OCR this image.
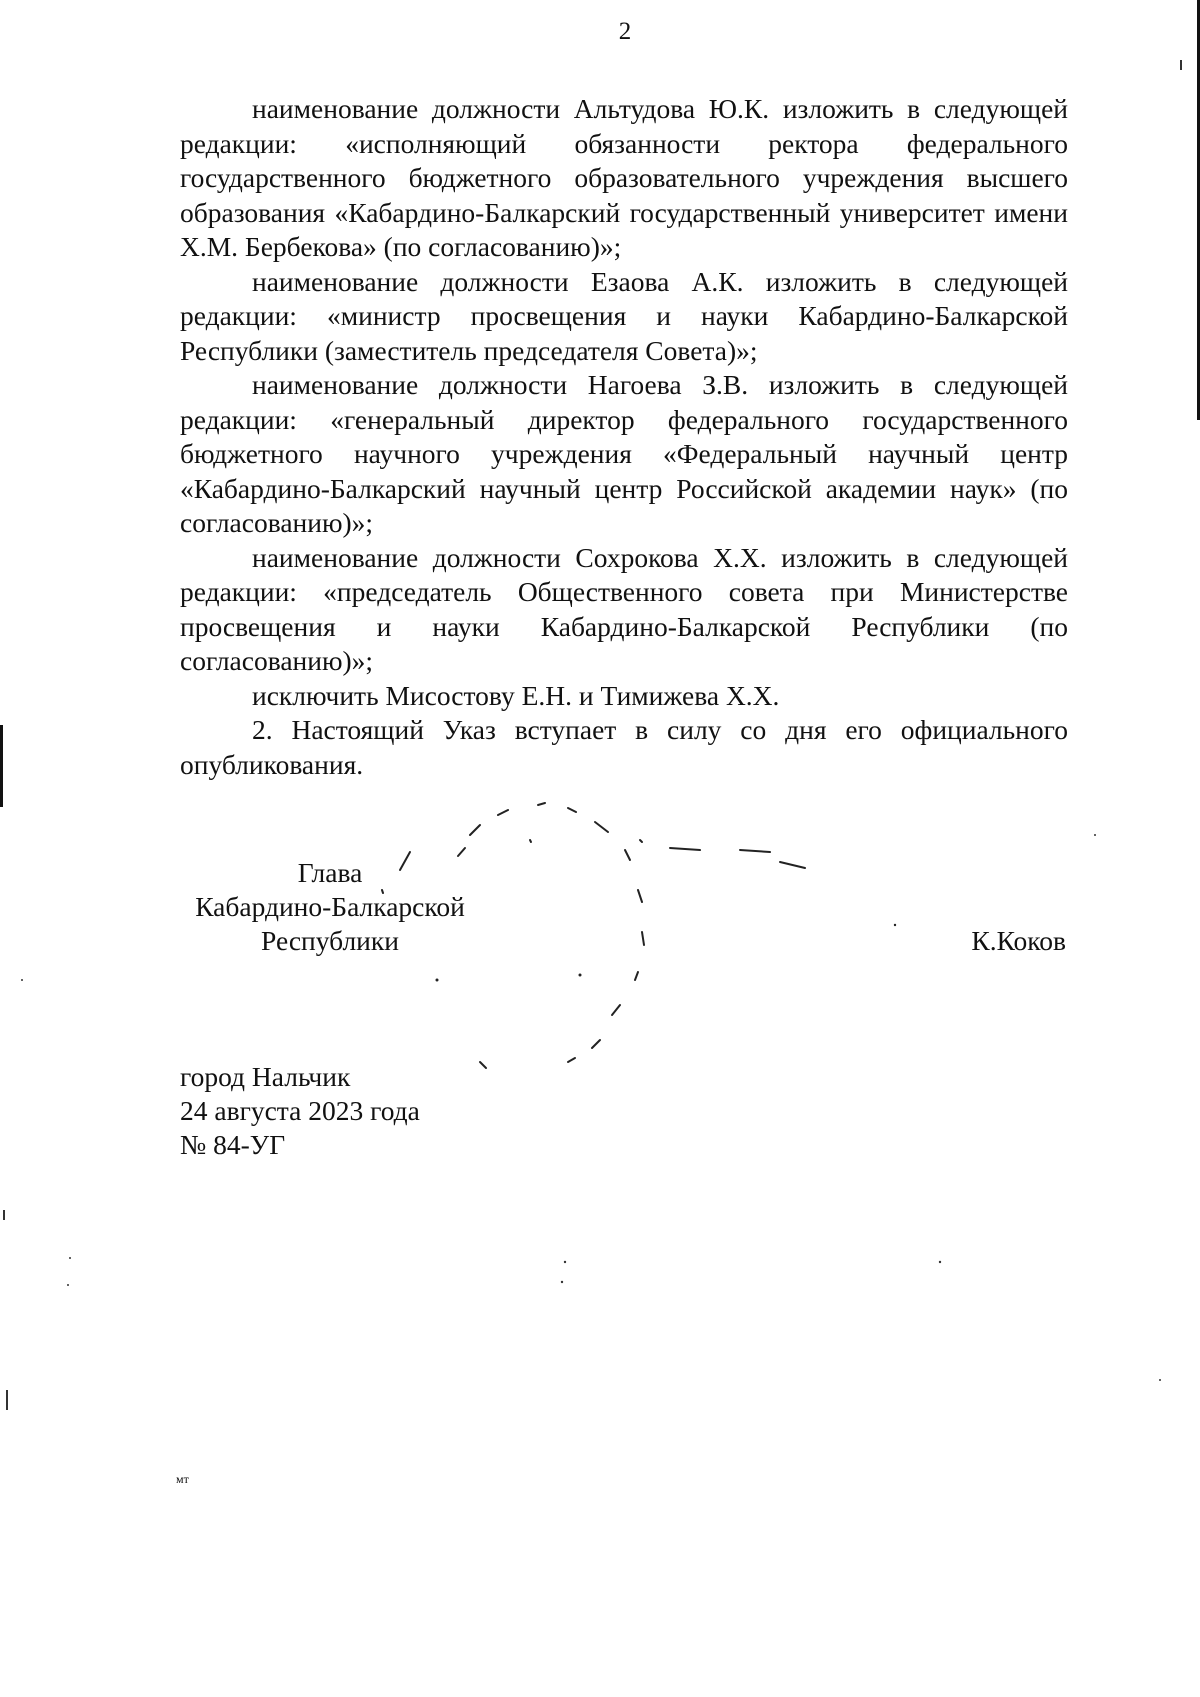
2

наименование должности Альтудова Ю.К. изложить в следующей редакции: «исполняющий обязанности ректора федерального государственного бюджетного образовательного учреждения высшего образования «Кабардино-Балкарский государственный университет имени Х.М. Бербекова» (по согласованию)»;

наименование должности Езаова А.К. изложить в следующей редакции: «министр просвещения и науки Кабардино-Балкарской Республики (заместитель председателя Совета)»;

наименование должности Нагоева З.В. изложить в следующей редакции: «генеральный директор федерального государственного бюджетного научного учреждения «Федеральный научный центр «Кабардино-Балкарский научный центр Российской академии наук» (по согласованию)»;

наименование должности Сохрокова Х.Х. изложить в следующей редакции: «председатель Общественного совета при Министерстве просвещения и науки Кабардино-Балкарской Республики (по согласованию)»;

исключить Мисостову Е.Н. и Тимижева Х.Х.

2. Настоящий Указ вступает в силу со дня его официального опубликования.

Глава
Кабардино-Балкарской
Республики	К.Коков
город Нальчик
24 августа 2023 года
№ 84-УГ
мт
